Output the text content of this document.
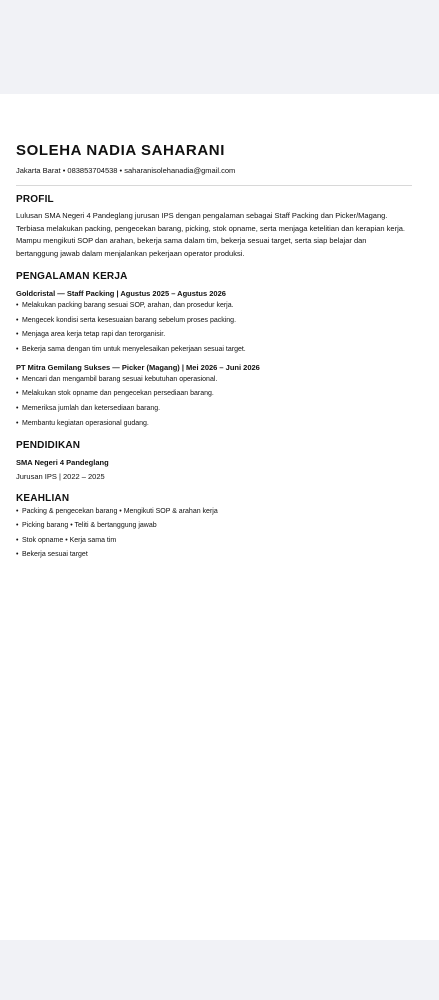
SOLEHA NADIA SAHARANI
Jakarta Barat • 083853704538 • saharanisolehanadia@gmail.com
PROFIL
Lulusan SMA Negeri 4 Pandeglang jurusan IPS dengan pengalaman sebagai Staff Packing dan Picker/Magang. Terbiasa melakukan packing, pengecekan barang, picking, stok opname, serta menjaga ketelitian dan kerapian kerja. Mampu mengikuti SOP dan arahan, bekerja sama dalam tim, bekerja sesuai target, serta siap belajar dan bertanggung jawab dalam menjalankan pekerjaan operator produksi.
PENGALAMAN KERJA
Goldcristal — Staff Packing | Agustus 2025 – Agustus 2026
• Melakukan packing barang sesuai SOP, arahan, dan prosedur kerja.
• Mengecek kondisi serta kesesuaian barang sebelum proses packing.
• Menjaga area kerja tetap rapi dan terorganisir.
• Bekerja sama dengan tim untuk menyelesaikan pekerjaan sesuai target.
PT Mitra Gemilang Sukses — Picker (Magang) | Mei 2026 – Juni 2026
• Mencari dan mengambil barang sesuai kebutuhan operasional.
• Melakukan stok opname dan pengecekan persediaan barang.
• Memeriksa jumlah dan ketersediaan barang.
• Membantu kegiatan operasional gudang.
PENDIDIKAN
SMA Negeri 4 Pandeglang
Jurusan IPS | 2022 – 2025
KEAHLIAN
• Packing & pengecekan barang • Mengikuti SOP & arahan kerja
• Picking barang • Teliti & bertanggung jawab
• Stok opname • Kerja sama tim
• Bekerja sesuai target
